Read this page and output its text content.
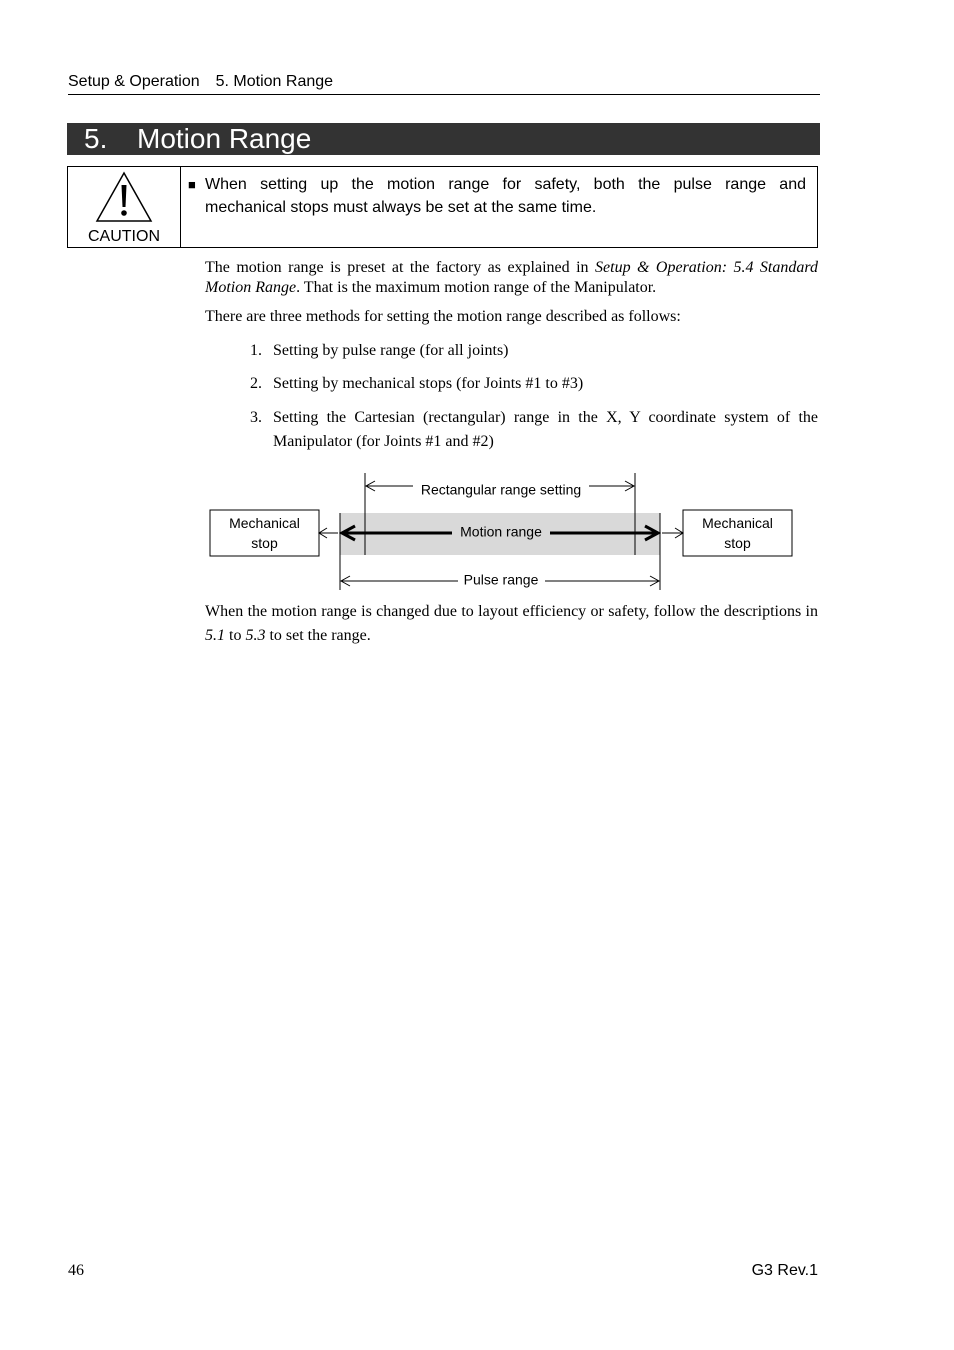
Setup & Operation 5. Motion Range
5. Motion Range
CAUTION
■ When setting up the motion range for safety, both the pulse range and
mechanical stops must always be set at the same time.
The motion range is preset at the factory as explained in Setup & Operation: 5.4 Standard Motion Range. That is the maximum motion range of the Manipulator.
There are three methods for setting the motion range described as follows:
1. Setting by pulse range (for all joints)
2. Setting by mechanical stops (for Joints #1 to #3)
3. Setting the Cartesian (rectangular) range in the X, Y coordinate system of the Manipulator (for Joints #1 and #2)
Rectangular range setting
Motion range
Mechanical
stop
Mechanical
stop
Pulse range
When the motion range is changed due to layout efficiency or safety, follow the descriptions in 5.1 to 5.3 to set the range.
46	G3 Rev.1
